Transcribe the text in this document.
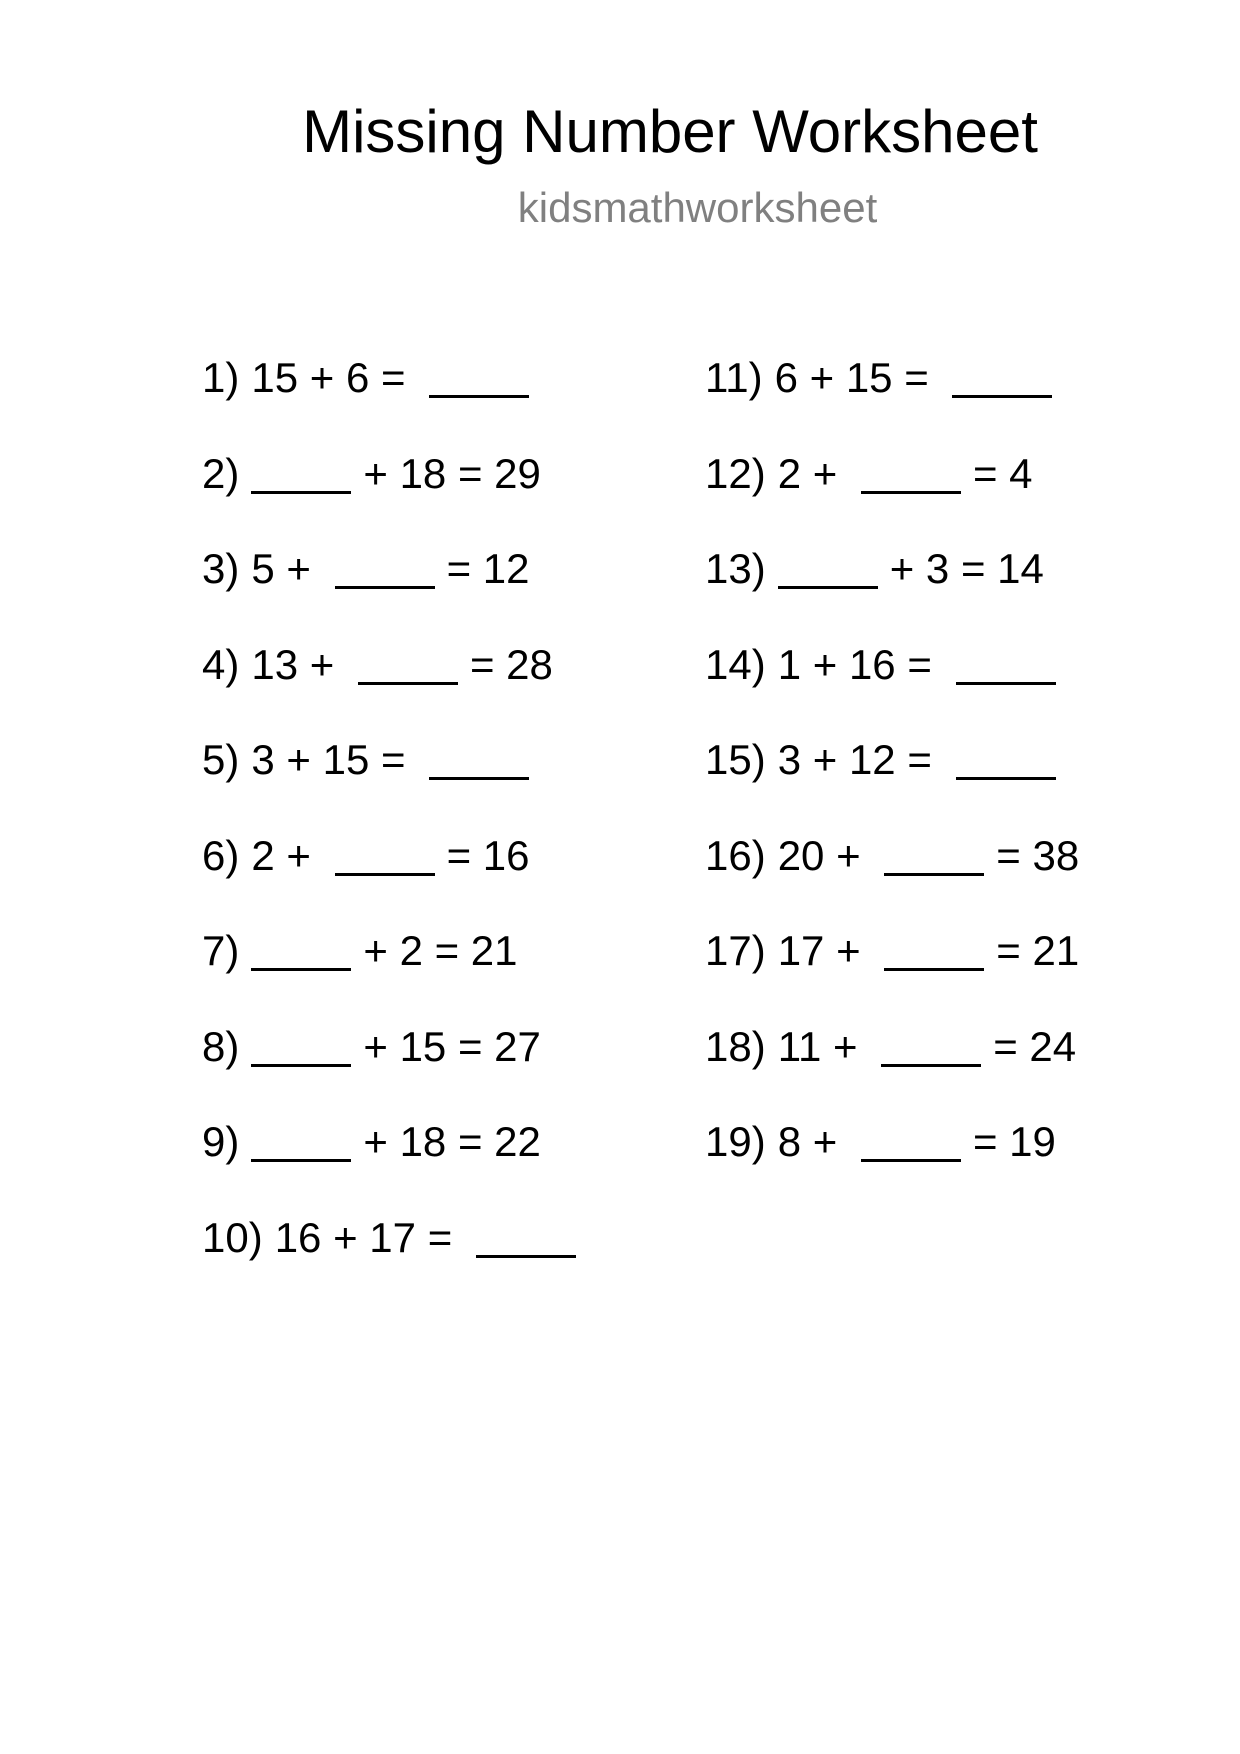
Missing Number Worksheet
kidsmathworksheet
1) 15
+
6
=

2)	+
18
=
29
3) 5
+
	=
12
4) 13
+
	=
28
5) 3
+
15
=

6) 2
+
	=
16
7)	+
2
=
21
8)	+
15
=
27
9)	+
18
=
22
10) 16
+
17
=

11) 6
+
15
=

12) 2
+
	=
4
13)	+
3
=
14
14) 1
+
16
=

15) 3
+
12
=

16) 20
+
	=
38
17) 17
+
	=
21
18) 11
+
	=
24
19) 8
+
	=
19
